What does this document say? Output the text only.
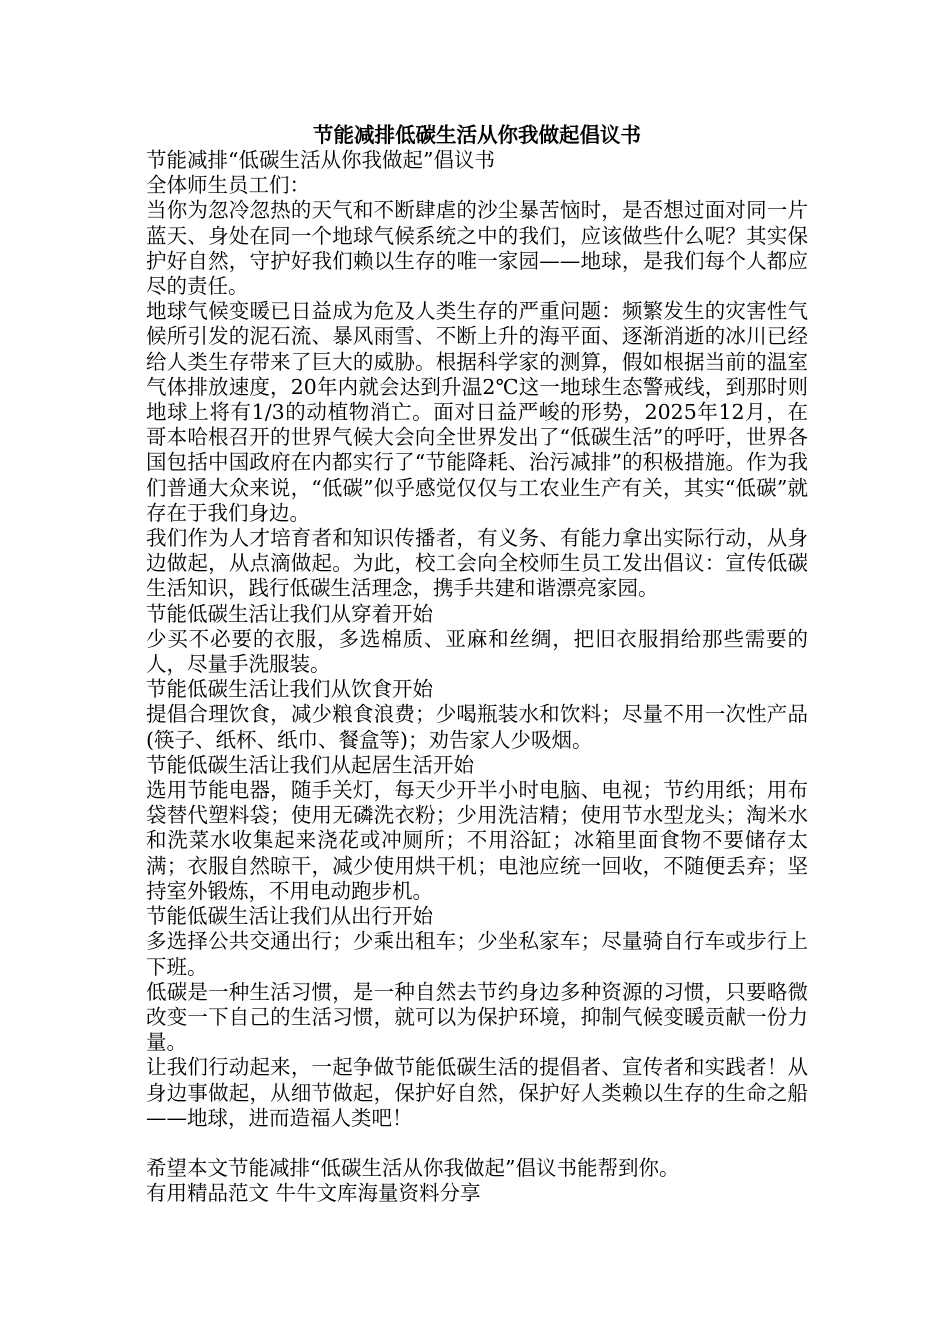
节能减排低碳生活从你我做起倡议书

节能减排“低碳生活从你我做起”倡议书

全体师生员工们：

当你为忽冷忽热的天气和不断肆虐的沙尘暴苦恼时，是否想过面对同一片蓝天、身处在同一个地球气候系统之中的我们，应该做些什么呢？其实保护好自然，守护好我们赖以生存的唯一家园——地球，是我们每个人都应尽的责任。

地球气候变暖已日益成为危及人类生存的严重问题：频繁发生的灾害性气候所引发的泥石流、暴风雨雪、不断上升的海平面、逐渐消逝的冰川已经给人类生存带来了巨大的威胁。根据科学家的测算，假如根据当前的温室气体排放速度，20年内就会达到升温2℃这一地球生态警戒线，到那时则地球上将有1/3的动植物消亡。面对日益严峻的形势，2025年12月，在哥本哈根召开的世界气候大会向全世界发出了“低碳生活”的呼吁，世界各国包括中国政府在内都实行了“节能降耗、治污减排”的积极措施。作为我们普通大众来说，“低碳”似乎感觉仅仅与工农业生产有关，其实“低碳”就存在于我们身边。

我们作为人才培育者和知识传播者，有义务、有能力拿出实际行动，从身边做起，从点滴做起。为此，校工会向全校师生员工发出倡议：宣传低碳生活知识，践行低碳生活理念，携手共建和谐漂亮家园。

节能低碳生活让我们从穿着开始

少买不必要的衣服，多选棉质、亚麻和丝绸，把旧衣服捐给那些需要的人，尽量手洗服装。

节能低碳生活让我们从饮食开始

提倡合理饮食，减少粮食浪费；少喝瓶装水和饮料；尽量不用一次性产品(筷子、纸杯、纸巾、餐盒等)；劝告家人少吸烟。

节能低碳生活让我们从起居生活开始

选用节能电器，随手关灯，每天少开半小时电脑、电视；节约用纸；用布袋替代塑料袋；使用无磷洗衣粉；少用洗洁精；使用节水型龙头；淘米水和洗菜水收集起来浇花或冲厕所；不用浴缸；冰箱里面食物不要储存太满；衣服自然晾干，减少使用烘干机；电池应统一回收，不随便丢弃；坚持室外锻炼，不用电动跑步机。

节能低碳生活让我们从出行开始

多选择公共交通出行；少乘出租车；少坐私家车；尽量骑自行车或步行上下班。

低碳是一种生活习惯，是一种自然去节约身边多种资源的习惯，只要略微改变一下自己的生活习惯，就可以为保护环境，抑制气候变暖贡献一份力量。

让我们行动起来，一起争做节能低碳生活的提倡者、宣传者和实践者！从身边事做起，从细节做起，保护好自然，保护好人类赖以生存的生命之船——地球，进而造福人类吧！

希望本文节能减排“低碳生活从你我做起”倡议书能帮到你。

有用精品范文 牛牛文库海量资料分享
